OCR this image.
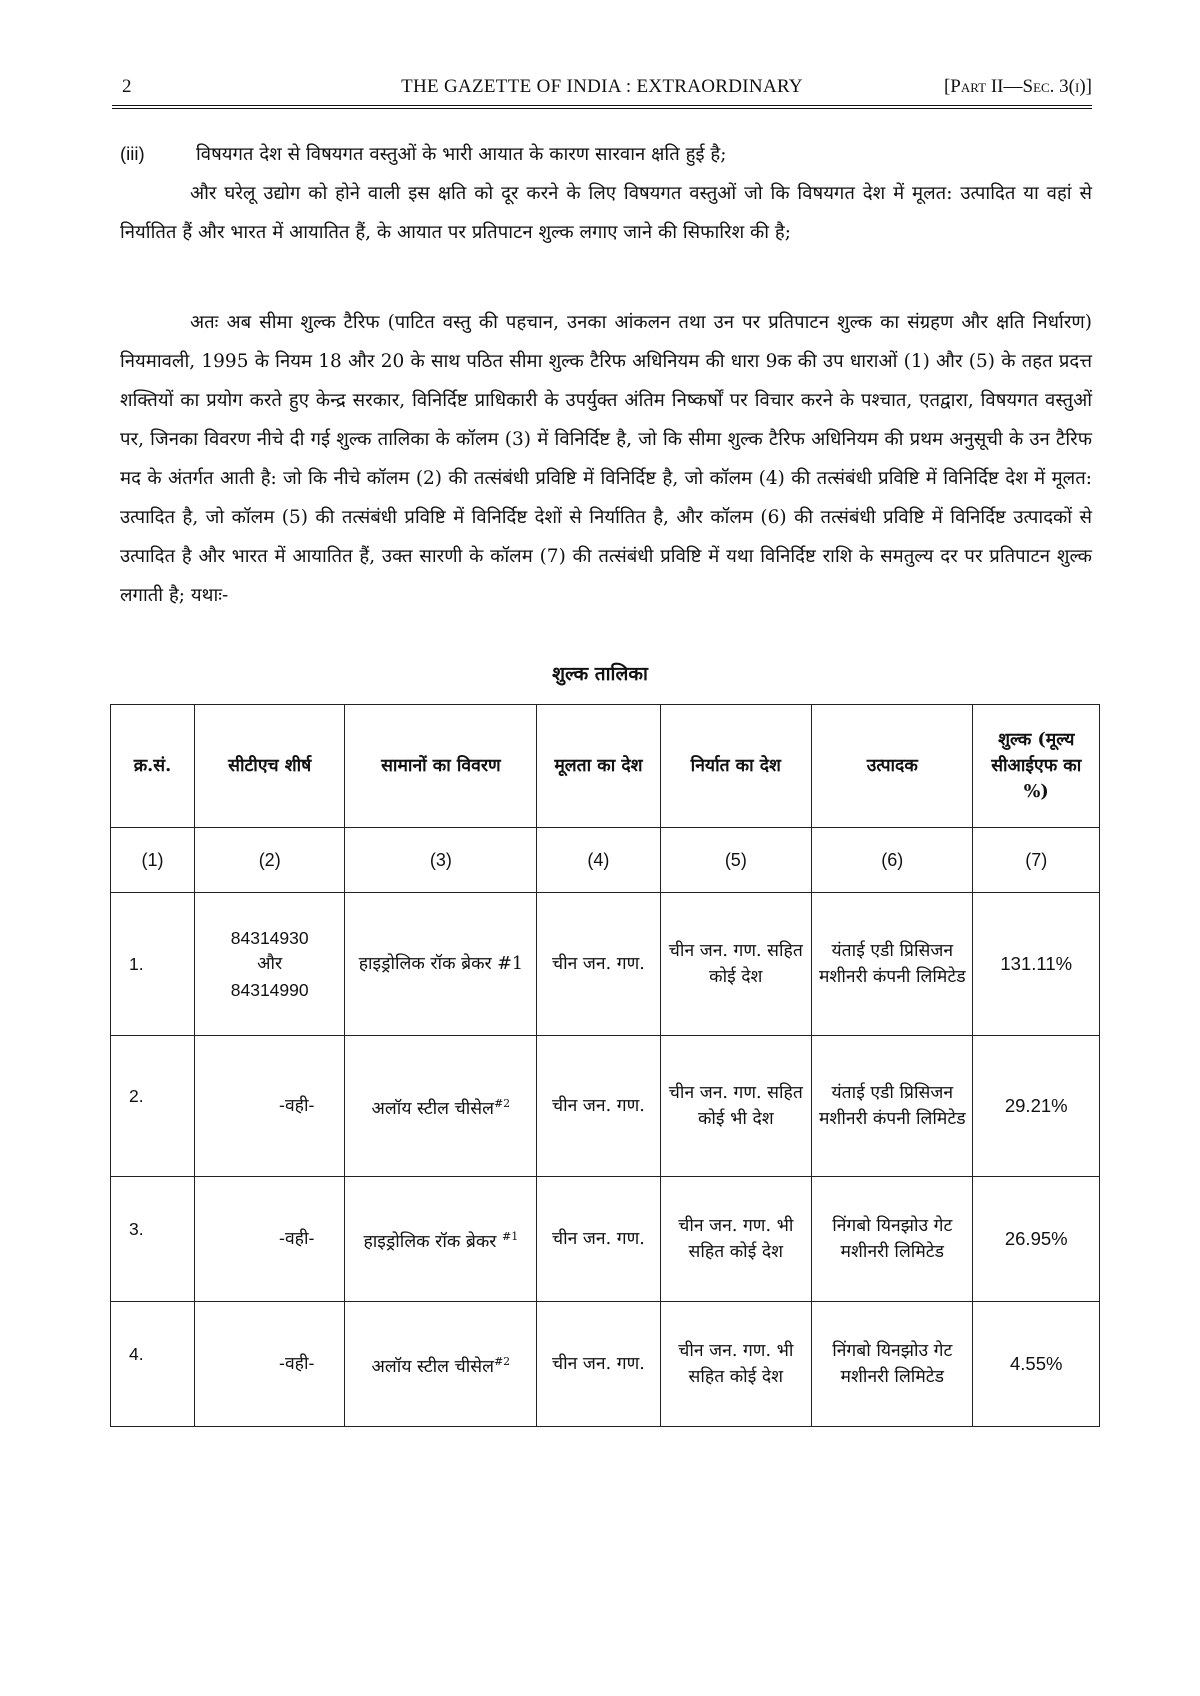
2	THE GAZETTE OF INDIA : EXTRAORDINARY	[Part II—Sec. 3(i)]
(iii)	विषयगत देश से विषयगत वस्तुओं के भारी आयात के कारण सारवान क्षति हुई है;
और घरेलू उद्योग को होने वाली इस क्षति को दूर करने के लिए विषयगत वस्तुओं जो कि विषयगत देश में मूलत: उत्पादित या वहां से निर्यातित हैं और भारत में आयातित हैं, के आयात पर प्रतिपाटन शुल्क लगाए जाने की सिफारिश की है;
अतः अब सीमा शुल्क टैरिफ (पाटित वस्तु की पहचान, उनका आंकलन तथा उन पर प्रतिपाटन शुल्क का संग्रहण और क्षति निर्धारण) नियमावली, 1995 के नियम 18 और 20 के साथ पठित सीमा शुल्क टैरिफ अधिनियम की धारा 9क की उप धाराओं (1) और (5) के तहत प्रदत्त शक्तियों का प्रयोग करते हुए केन्द्र सरकार, विनिर्दिष्ट प्राधिकारी के उपर्युक्त अंतिम निष्कर्षों पर विचार करने के पश्चात, एतद्वारा, विषयगत वस्तुओं पर, जिनका विवरण नीचे दी गई शुल्क तालिका के कॉलम (3) में विनिर्दिष्ट है, जो कि सीमा शुल्क टैरिफ अधिनियम की प्रथम अनुसूची के उन टैरिफ मद के अंतर्गत आती है: जो कि नीचे कॉलम (2) की तत्संबंधी प्रविष्टि में विनिर्दिष्ट है, जो कॉलम (4) की तत्संबंधी प्रविष्टि में विनिर्दिष्ट देश में मूलत: उत्पादित है, जो कॉलम (5) की तत्संबंधी प्रविष्टि में विनिर्दिष्ट देशों से निर्यातित है, और कॉलम (6) की तत्संबंधी प्रविष्टि में विनिर्दिष्ट उत्पादकों से उत्पादित है और भारत में आयातित हैं, उक्त सारणी के कॉलम (7) की तत्संबंधी प्रविष्टि में यथा विनिर्दिष्ट राशि के समतुल्य दर पर प्रतिपाटन शुल्क लगाती है; यथाः-
शुल्क तालिका
क्र.सं.	सीटीएच शीर्ष	सामानों का विवरण	मूलता का देश	निर्यात का देश	उत्पादक	शुल्क (मूल्य सीआईएफ का %)
(1)	(2)	(3)	(4)	(5)	(6)	(7)
1.	84314930
और
84314990	हाइड्रोलिक रॉक ब्रेकर #1	चीन जन. गण.	चीन जन. गण. सहित कोई देश	यंताई एडी प्रिसिजन मशीनरी कंपनी लिमिटेड	131.11%
2.	-वही-	अलॉय स्टील चीसेल$^{\#2}$	चीन जन. गण.	चीन जन. गण. सहित कोई भी देश	यंताई एडी प्रिसिजन मशीनरी कंपनी लिमिटेड	29.21%
3.	-वही-	हाइड्रोलिक रॉक ब्रेकर $^{\#1}$	चीन जन. गण.	चीन जन. गण. भी सहित कोई देश	निंगबो यिनझोउ गेट मशीनरी लिमिटेड	26.95%
4.	-वही-	अलॉय स्टील चीसेल$^{\#2}$	चीन जन. गण.	चीन जन. गण. भी सहित कोई देश	निंगबो यिनझोउ गेट मशीनरी लिमिटेड	4.55%
